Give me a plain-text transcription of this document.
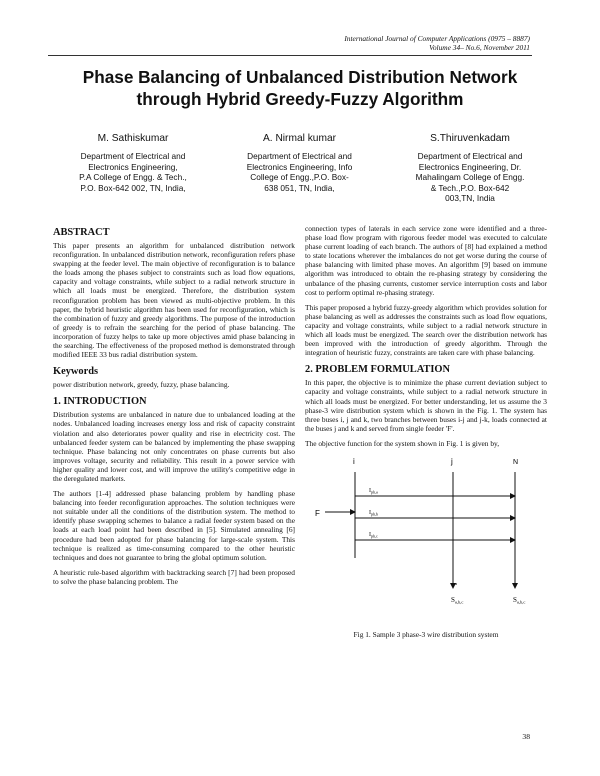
International Journal of Computer Applications (0975 – 8887)
Volume 34– No.6, November 2011
Phase Balancing of Unbalanced Distribution Network
through Hybrid Greedy-Fuzzy Algorithm
M. Sathiskumar
Department of Electrical and
Electronics Engineering,
P.A College of Engg. & Tech.,
P.O. Box-642 002, TN, India,
A. Nirmal kumar
Department of Electrical and
Electronics Engineering, Info
College of Engg.,P.O. Box-
638 051, TN, India,
S.Thiruvenkadam
Department of Electrical and
Electronics Engineering, Dr.
Mahalingam College of Engg.
& Tech.,P.O. Box-642
003,TN, India
ABSTRACT

This paper presents an algorithm for unbalanced distribution network reconfiguration. In unbalanced distribution network, reconfiguration refers phase swapping at the feeder level. The main objective of reconfiguration is to balance the loads among the phases subject to constraints such as load flow equations, capacity and voltage constraints, while subject to a radial network structure in which all loads must be energized. Therefore, the distribution system reconfiguration problem has been viewed as multi-objective problem. In this paper, the hybrid heuristic algorithm has been used for reconfiguration, which is the combination of fuzzy and greedy algorithms. The purpose of the introduction of greedy is to refrain the searching for the period of phase balancing. The incorporation of fuzzy helps to take up more objectives amid phase balancing in the searching. The effectiveness of the proposed method is demonstrated through modified IEEE 33 bus radial distribution system.

Keywords

power distribution network, greedy, fuzzy, phase balancing.

1. INTRODUCTION

Distribution systems are unbalanced in nature due to unbalanced loading at the nodes. Unbalanced loading increases energy loss and risk of capacity constraint violation and also deteriorates power quality and rise in electricity cost. The unbalanced feeder system can be balanced by implementing the phase swapping technique. Phase balancing not only concentrates on phase currents but also improves voltage, security and reliability. This result in a power service with higher quality and lower cost, and will improve the utility's competitive edge in the deregulated markets.

The authors [1-4] addressed phase balancing problem by handling phase balancing into feeder reconfiguration approaches. The solution techniques were not suitable under all the conditions of the distribution system. The method to identify phase swapping schemes to balance a radial feeder system based on the loads at each load point had been described in [5]. Simulated annealing [6] procedure had been adopted for phase balancing for large-scale system. This technique is realized as time-consuming compared to the other heuristic techniques and does not guarantee to bring the global optimum solution.

A heuristic rule-based algorithm with backtracking search [7] had been proposed to solve the phase balancing problem. The

connection types of laterals in each service zone were identified and a three-phase load flow program with rigorous feeder model was executed to calculate phase current loading of each branch. The authors of [8] had explained a method to state locations wherever the imbalances do not get worse during the course of phase balancing with limited phase moves. An algorithm [9] based on immune algorithm was introduced to obtain the re-phasing strategy by considering the unbalance of the phasing currents, customer service interruption costs and labor cost to perform optimal re-phasing strategy.

This paper proposed a hybrid fuzzy-greedy algorithm which provides solution for phase balancing as well as addresses the constraints such as load flow equations, capacity and voltage constraints, while subject to a radial network structure in which all loads must be energized. The search over the distribution network has been improved with the introduction of greedy algorithm. Through the integration of heuristic fuzzy, constraints are taken care with phase balancing.

2. PROBLEM FORMULATION

In this paper, the objective is to minimize the phase current deviation subject to capacity and voltage constraints, while subject to a radial network structure in which all loads must be energized. For better understanding, let us assume the 3 phase-3 wire distribution system which is shown in the Fig. 1. The system has three buses i, j and k, two branches between buses i-j and j-k, loads connected at the buses j and k and served from single feeder 'F'.

The objective function for the system shown in Fig. 1 is given by,

i	j	N
F
$I_{ph,a}$
$I_{ph,b}$
$I_{ph,c}$
$S_{a,b,c}$	$S_{a,b,c}$
Fig 1. Sample 3 phase-3 wire distribution system
38
